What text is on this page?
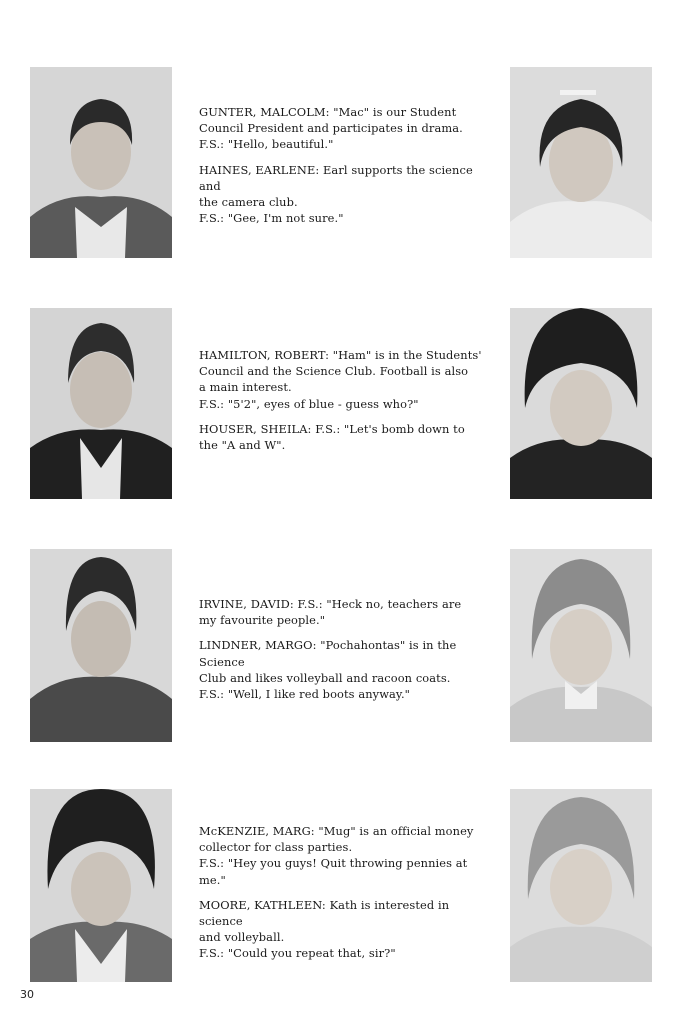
GUNTER, MALCOLM: "Mac" is our Student

Council President and participates in drama.

F.S.: "Hello, beautiful."

HAINES, EARLENE: Earl supports the science and

the camera club.

F.S.: "Gee, I'm not sure."

HAMILTON, ROBERT: "Ham" is in the Students'

Council and the Science Club. Football is also

a main interest.

F.S.: "5'2", eyes of blue - guess who?"

HOUSER, SHEILA: F.S.: "Let's bomb down to

the "A and W".

IRVINE, DAVID: F.S.: "Heck no, teachers are

my favourite people."

LINDNER, MARGO: "Pochahontas" is in the Science

Club and likes volleyball and racoon coats.

F.S.: "Well, I like red boots anyway."

McKENZIE, MARG: "Mug" is an official money

collector for class parties.

F.S.: "Hey you guys! Quit throwing pennies at

me."

MOORE, KATHLEEN: Kath is interested in science

and volleyball.

F.S.: "Could you repeat that, sir?"

30
